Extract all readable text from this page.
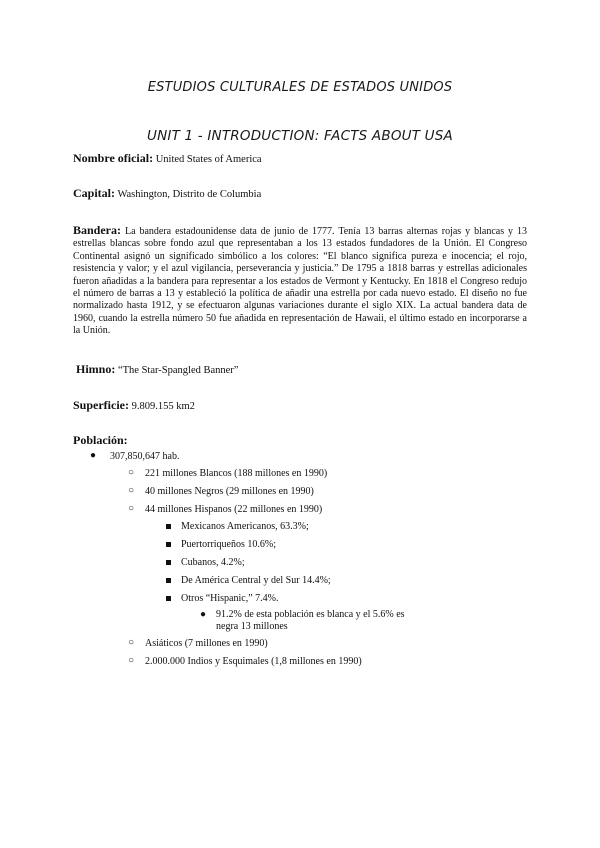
ESTUDIOS CULTURALES DE ESTADOS UNIDOS
UNIT 1 - INTRODUCTION: FACTS ABOUT USA
Nombre oficial: United States of America
Capital: Washington, Distrito de Columbia
Bandera: La bandera estadounidense data de junio de 1777. Tenía 13 barras alternas rojas y blancas y 13 estrellas blancas sobre fondo azul que representaban a los 13 estados fundadores de la Unión. El Congreso Continental asignó un significado simbólico a los colores: “El blanco significa pureza e inocencia; el rojo, resistencia y valor; y el azul vigilancia, perseverancia y justicia.” De 1795 a 1818 barras y estrellas adicionales fueron añadidas a la bandera para representar a los estados de Vermont y Kentucky. En 1818 el Congreso redujo el número de barras a 13 y estableció la política de añadir una estrella por cada nuevo estado. El diseño no fue normalizado hasta 1912, y se efectuaron algunas variaciones durante el siglo XIX. La actual bandera data de 1960, cuando la estrella número 50 fue añadida en representación de Hawaii, el último estado en incorporarse a la Unión.
Himno: “The Star-Spangled Banner”
Superficie: 9.809.155 km2
Población:
● 307,850,647 hab.
○ 221 millones Blancos (188 millones en 1990)
○ 40 millones Negros (29 millones en 1990)
○ 44 millones Hispanos (22 millones en 1990)
Mexicanos Americanos, 63.3%;
Puertorriqueños 10.6%;
Cubanos, 4.2%;
De América Central y del Sur 14.4%;
Otros “Hispanic,” 7.4%.
● 91.2% de esta población es blanca y el 5.6% es
negra 13 millones
○ Asiáticos (7 millones en 1990)
○ 2.000.000 Indios y Esquimales (1,8 millones en 1990)
